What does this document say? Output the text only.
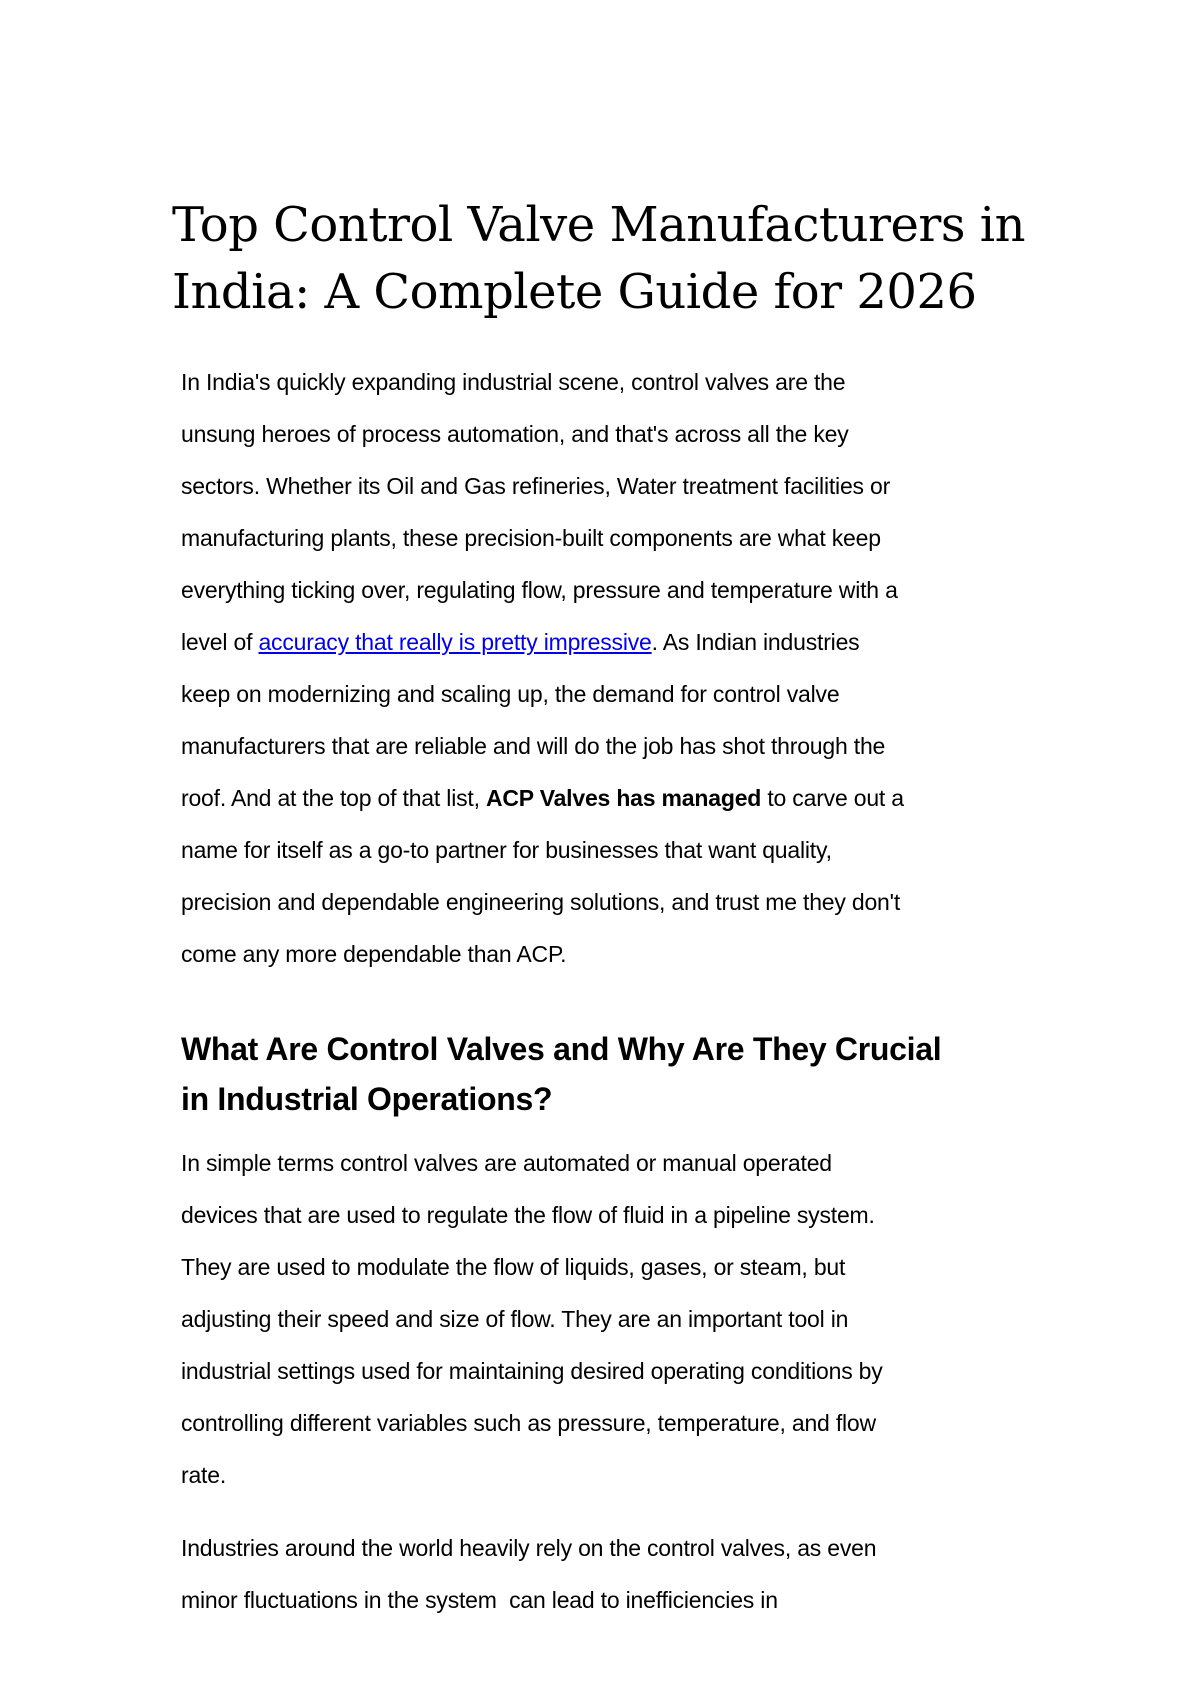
Top Control Valve Manufacturers in
India: A Complete Guide for 2026

In India's quickly expanding industrial scene, control valves are the
unsung heroes of process automation, and that's across all the key
sectors. Whether its Oil and Gas refineries, Water treatment facilities or
manufacturing plants, these precision-built components are what keep
everything ticking over, regulating flow, pressure and temperature with a
level of accuracy that really is pretty impressive. As Indian industries
keep on modernizing and scaling up, the demand for control valve
manufacturers that are reliable and will do the job has shot through the
roof. And at the top of that list, ACP Valves has managed to carve out a
name for itself as a go-to partner for businesses that want quality,
precision and dependable engineering solutions, and trust me they don't
come any more dependable than ACP.

What Are Control Valves and Why Are They Crucial
in Industrial Operations?

In simple terms control valves are automated or manual operated
devices that are used to regulate the flow of fluid in a pipeline system.
They are used to modulate the flow of liquids, gases, or steam, but
adjusting their speed and size of flow. They are an important tool in
industrial settings used for maintaining desired operating conditions by
controlling different variables such as pressure, temperature, and flow
rate.

Industries around the world heavily rely on the control valves, as even
minor fluctuations in the system  can lead to inefficiencies in
